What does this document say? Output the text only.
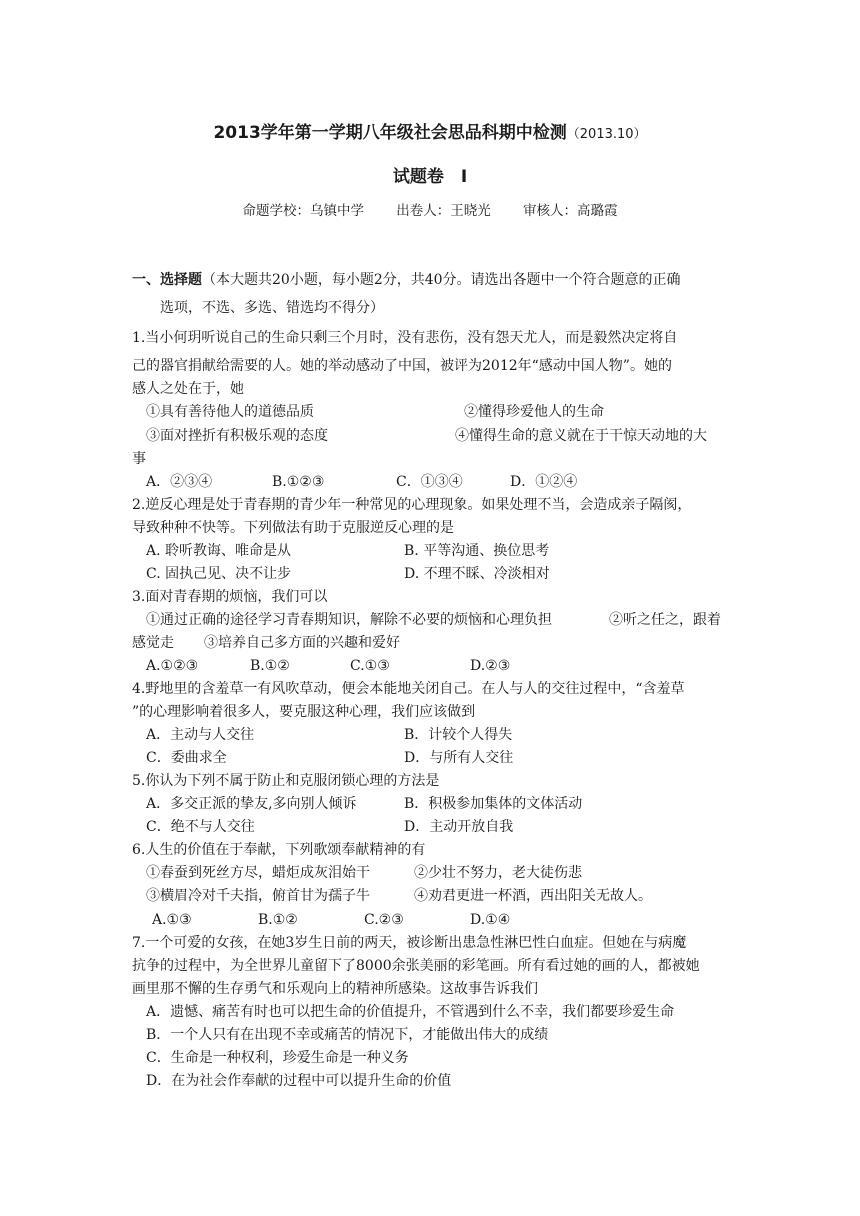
2013学年第一学期八年级社会思品科期中检测（2013.10）
试题卷　Ⅰ
命题学校：乌镇中学 出卷人：王晓光 审核人：高璐霞
一、选择题（本大题共20小题，每小题2分，共40分。请选出各题中一个符合题意的正确
选项，不选、多选、错选均不得分）
1.当小何玥听说自己的生命只剩三个月时，没有悲伤，没有怨天尤人，而是毅然决定将自
己的器官捐献给需要的人。她的举动感动了中国，被评为2012年“感动中国人物”。她的
感人之处在于，她
①具有善待他人的道德品质	②懂得珍爱他人的生命
③面对挫折有积极乐观的态度	④懂得生命的意义就在于干惊天动地的大
事
A．②③④	B.①②③	C．①③④	D．①②④
2.逆反心理是处于青春期的青少年一种常见的心理现象。如果处理不当，会造成亲子隔阂，
导致种种不快等。下列做法有助于克服逆反心理的是
A. 聆听教诲、唯命是从	B. 平等沟通、换位思考
C. 固执己见、决不让步	D. 不理不睬、冷淡相对
3.面对青春期的烦恼，我们可以
①通过正确的途径学习青春期知识，解除不必要的烦恼和心理负担	②听之任之，跟着
感觉走 ③培养自己多方面的兴趣和爱好
A.①②③	B.①②	C.①③	D.②③
4.野地里的含羞草一有风吹草动，便会本能地关闭自己。在人与人的交往过程中，“含羞草
”的心理影响着很多人，要克服这种心理，我们应该做到
A．主动与人交往	B．计较个人得失
C．委曲求全	D．与所有人交往
5.你认为下列不属于防止和克服闭锁心理的方法是
A．多交正派的挚友,多向别人倾诉	B．积极参加集体的文体活动
C．绝不与人交往	D．主动开放自我
6.人生的价值在于奉献，下列歌颂奉献精神的有
①春蚕到死丝方尽，蜡炬成灰泪始干	②少壮不努力，老大徒伤悲
③横眉冷对千夫指，俯首甘为孺子牛	④劝君更进一杯酒，西出阳关无故人。
A.①③	B.①②	C.②③	D.①④
7.一个可爱的女孩，在她3岁生日前的两天，被诊断出患急性淋巴性白血症。但她在与病魔
抗争的过程中，为全世界儿童留下了8000余张美丽的彩笔画。所有看过她的画的人，都被她
画里那不懈的生存勇气和乐观向上的精神所感染。这故事告诉我们
A．遗憾、痛苦有时也可以把生命的价值提升，不管遇到什么不幸，我们都要珍爱生命
B．一个人只有在出现不幸或痛苦的情况下，才能做出伟大的成绩
C．生命是一种权利，珍爱生命是一种义务
D．在为社会作奉献的过程中可以提升生命的价值
